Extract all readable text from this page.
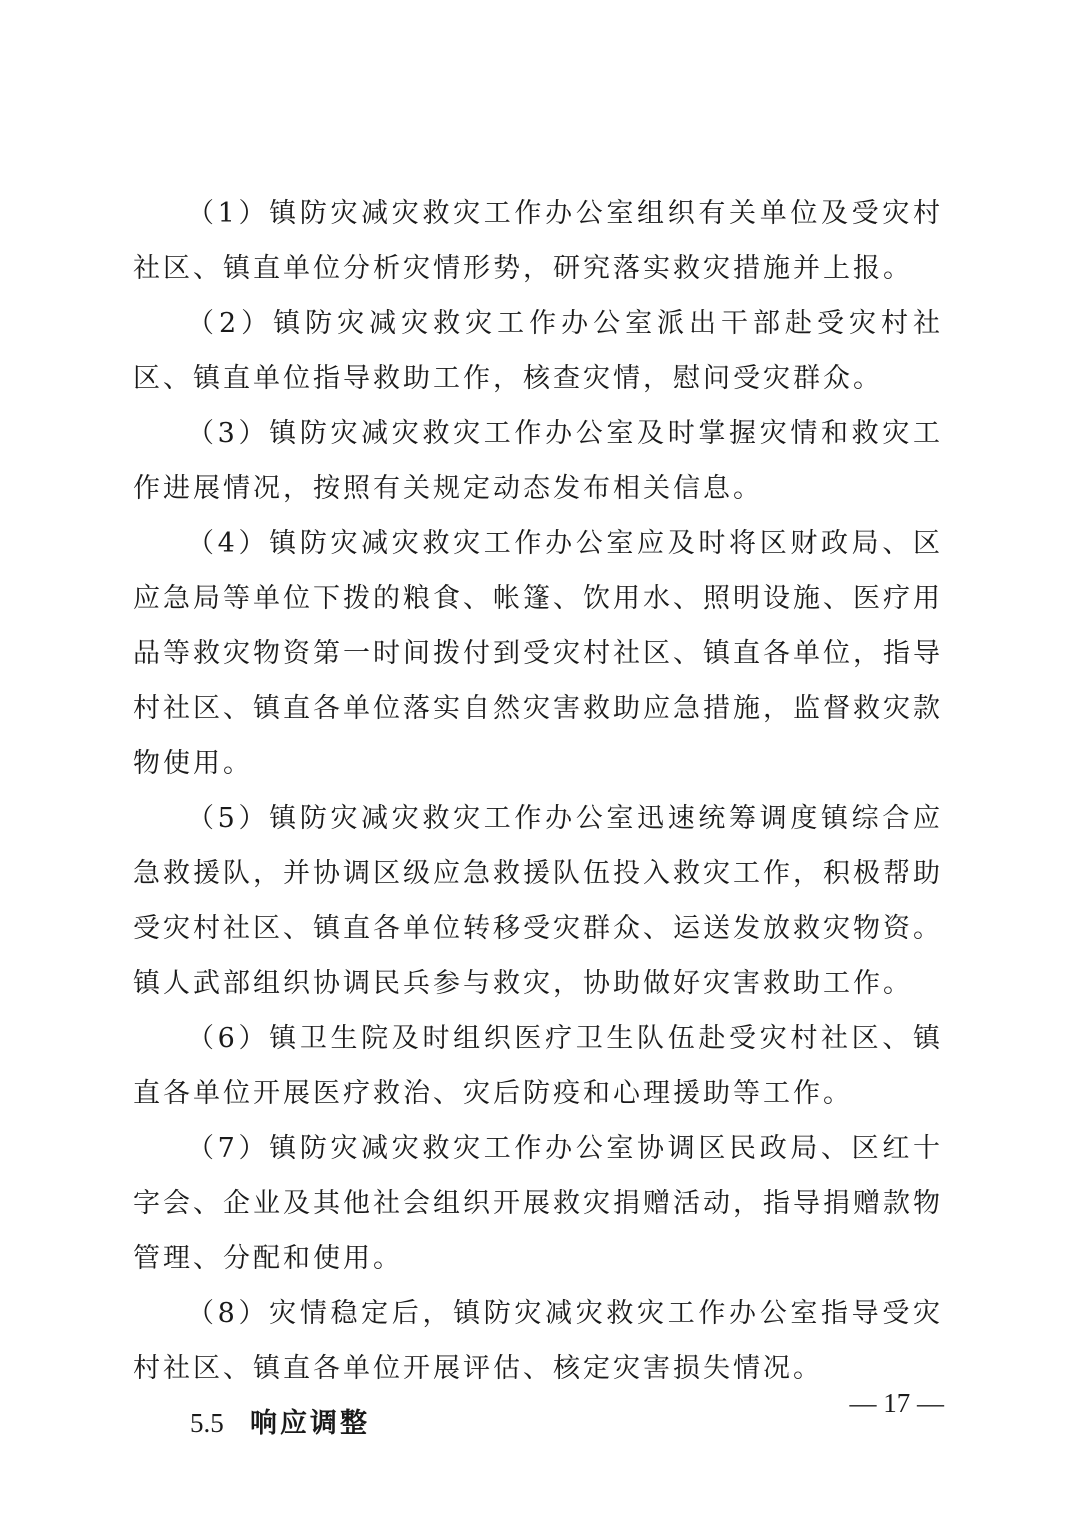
（1）镇防灾减灾救灾工作办公室组织有关单位及受灾村社区、镇直单位分析灾情形势，研究落实救灾措施并上报。

（2）镇防灾减灾救灾工作办公室派出干部赴受灾村社区、镇直单位指导救助工作，核查灾情，慰问受灾群众。

（3）镇防灾减灾救灾工作办公室及时掌握灾情和救灾工作进展情况，按照有关规定动态发布相关信息。

（4）镇防灾减灾救灾工作办公室应及时将区财政局、区应急局等单位下拨的粮食、帐篷、饮用水、照明设施、医疗用品等救灾物资第一时间拨付到受灾村社区、镇直各单位，指导村社区、镇直各单位落实自然灾害救助应急措施，监督救灾款物使用。

（5）镇防灾减灾救灾工作办公室迅速统筹调度镇综合应急救援队，并协调区级应急救援队伍投入救灾工作，积极帮助受灾村社区、镇直各单位转移受灾群众、运送发放救灾物资。镇人武部组织协调民兵参与救灾，协助做好灾害救助工作。

（6）镇卫生院及时组织医疗卫生队伍赴受灾村社区、镇直各单位开展医疗救治、灾后防疫和心理援助等工作。

（7）镇防灾减灾救灾工作办公室协调区民政局、区红十字会、企业及其他社会组织开展救灾捐赠活动，指导捐赠款物管理、分配和使用。

（8）灾情稳定后，镇防灾减灾救灾工作办公室指导受灾村社区、镇直各单位开展评估、核定灾害损失情况。

5.5 响应调整

— 17 —
